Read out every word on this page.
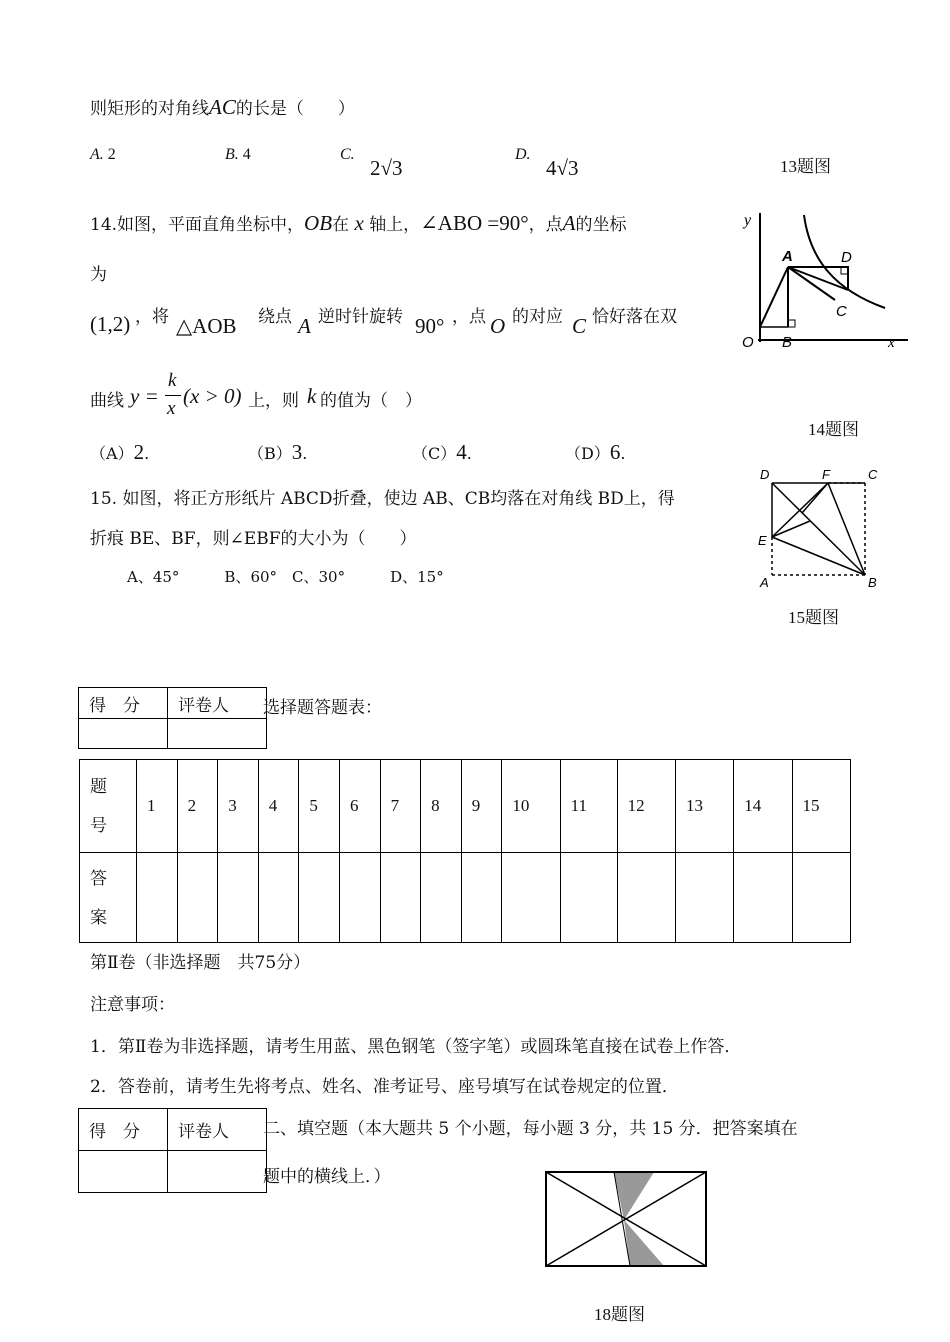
则矩形的对角线AC的长是（　　）
A. 2	B. 4	C.
2√3
D.
4√3	13题图
14.如图，平面直角坐标中，OB在 x 轴上，∠ABO =90°，点A的坐标
为
(1,2) ，将 △AOB 绕点 A 逆时针旋转 90° ，点 O 的对应 C 恰好落在双
曲线 y =
k
x
(x > 0) 上，则 k 的值为（　）
（A）2.	（B）3.	（C）4.	（D）6.
y
A	D
C
O B	x
14题图
15. 如图，将正方形纸片 ABCD折叠，使边 AB、CB均落在对角线 BD上，得
折痕 BE、BF，则∠EBF的大小为（　　）
A、45°　　　B、60°　C、30°　　　D、15°
D	F	C
E
A	B
15题图
得　分	评卷人
	选择题答题表：
题
号	1	2	3	4	5	6	7	8	9	10	11	12	13	14	15

答
案															

第Ⅱ卷（非选择题　共75分）
注意事项：
1．第Ⅱ卷为非选择题，请考生用蓝、黑色钢笔（签字笔）或圆珠笔直接在试卷上作答．
2．答卷前，请考生先将考点、姓名、准考证号、座号填写在试卷规定的位置．
得　分	评卷人
	二、填空题（本大题共 5 个小题，每小题 3 分，共 15 分．把答案填在
题中的横线上．）
18题图
